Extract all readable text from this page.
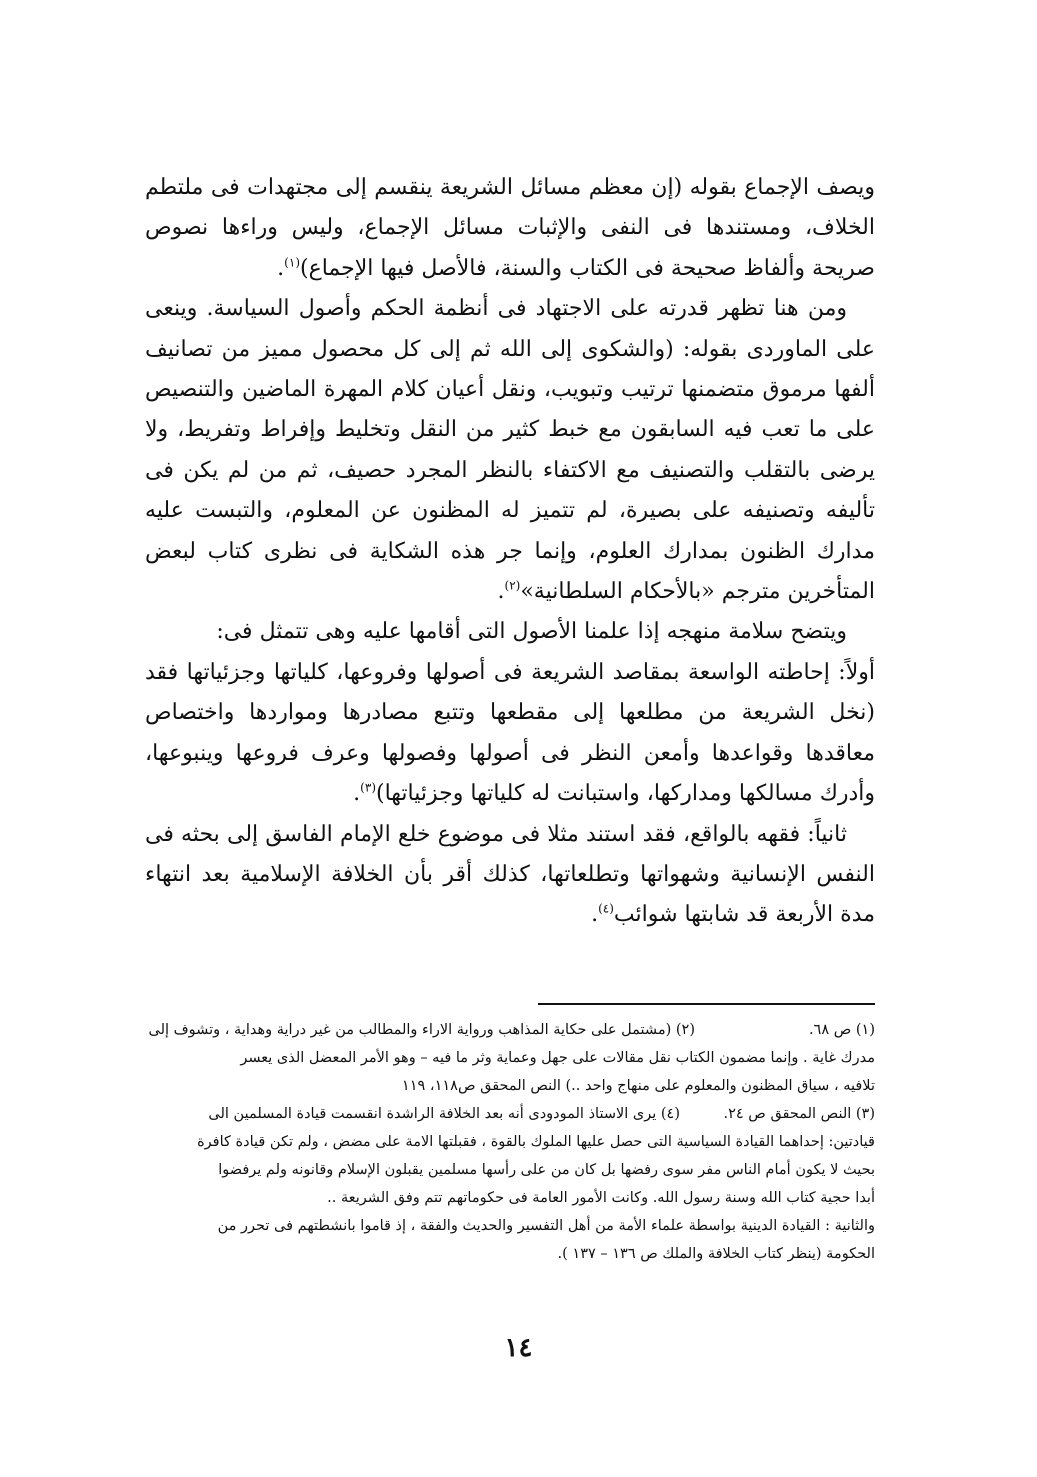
ويصف الإجماع بقوله (إن معظم مسائل الشريعة ينقسم إلى مجتهدات فى ملتطم الخلاف، ومستندها فى النفى والإثبات مسائل الإجماع، وليس وراءها نصوص صريحة وألفاظ صحيحة فى الكتاب والسنة، فالأصل فيها الإجماع)$^{(١)}$.

ومن هنا تظهر قدرته على الاجتهاد فى أنظمة الحكم وأصول السياسة. وينعى على الماوردى بقوله: (والشكوى إلى الله ثم إلى كل محصول مميز من تصانيف ألفها مرموق متضمنها ترتيب وتبويب، ونقل أعيان كلام المهرة الماضين والتنصيص على ما تعب فيه السابقون مع خبط كثير من النقل وتخليط وإفراط وتفريط، ولا يرضى بالتقلب والتصنيف مع الاكتفاء بالنظر المجرد حصيف، ثم من لم يكن فى تأليفه وتصنيفه على بصيرة، لم تتميز له المظنون عن المعلوم، والتبست عليه مدارك الظنون بمدارك العلوم، وإنما جر هذه الشكاية فى نظرى كتاب لبعض المتأخرين مترجم «بالأحكام السلطانية»$^{(٢)}$.

ويتضح سلامة منهجه إذا علمنا الأصول التى أقامها عليه وهى تتمثل فى:

أولاً: إحاطته الواسعة بمقاصد الشريعة فى أصولها وفروعها، كلياتها وجزئياتها فقد (نخل الشريعة من مطلعها إلى مقطعها وتتبع مصادرها ومواردها واختصاص معاقدها وقواعدها وأمعن النظر فى أصولها وفصولها وعرف فروعها وينبوعها، وأدرك مسالكها ومداركها، واستبانت له كلياتها وجزئياتها)$^{(٣)}$.

ثانياً: فقهه بالواقع، فقد استند مثلا فى موضوع خلع الإمام الفاسق إلى بحثه فى النفس الإنسانية وشهواتها وتطلعاتها، كذلك أقر بأن الخلافة الإسلامية بعد انتهاء مدة الأربعة قد شابتها شوائب$^{(٤)}$.

(١) ص ٦٨.
(٢) (مشتمل على حكاية المذاهب ورواية الاراء والمطالب من غير دراية وهداية ، وتشوف إلى

مدرك غاية . وإنما مضمون الكتاب نقل مقالات على جهل وعماية وثر ما فيه – وهو الأمر المعضل الذى يعسر

تلافيه ، سياق المظنون والمعلوم على منهاج واحد ..) النص المحقق ص١١٨، ١١٩

(٣) النص المحقق ص ٢٤.
(٤) يرى الاستاذ المودودى أنه بعد الخلافة الراشدة انقسمت قيادة المسلمين الى

قيادتين: إحداهما القيادة السياسية التى حصل عليها الملوك بالقوة ، فقبلتها الامة على مضض ، ولم تكن قيادة كافرة

بحيث لا يكون أمام الناس مفر سوى رفضها بل كان من على رأسها مسلمين يقبلون الإسلام وقانونه ولم يرفضوا

أبدا حجية كتاب الله وسنة رسول الله. وكانت الأمور العامة فى حكوماتهم تتم وفق الشريعة ..

والثانية : القيادة الدينية بواسطة علماء الأمة من أهل التفسير والحديث والفقة ، إذ قاموا بانشطتهم فى تحرر من

الحكومة (ينظر كتاب الخلافة والملك ص ١٣٦ – ١٣٧ ).

١٤
